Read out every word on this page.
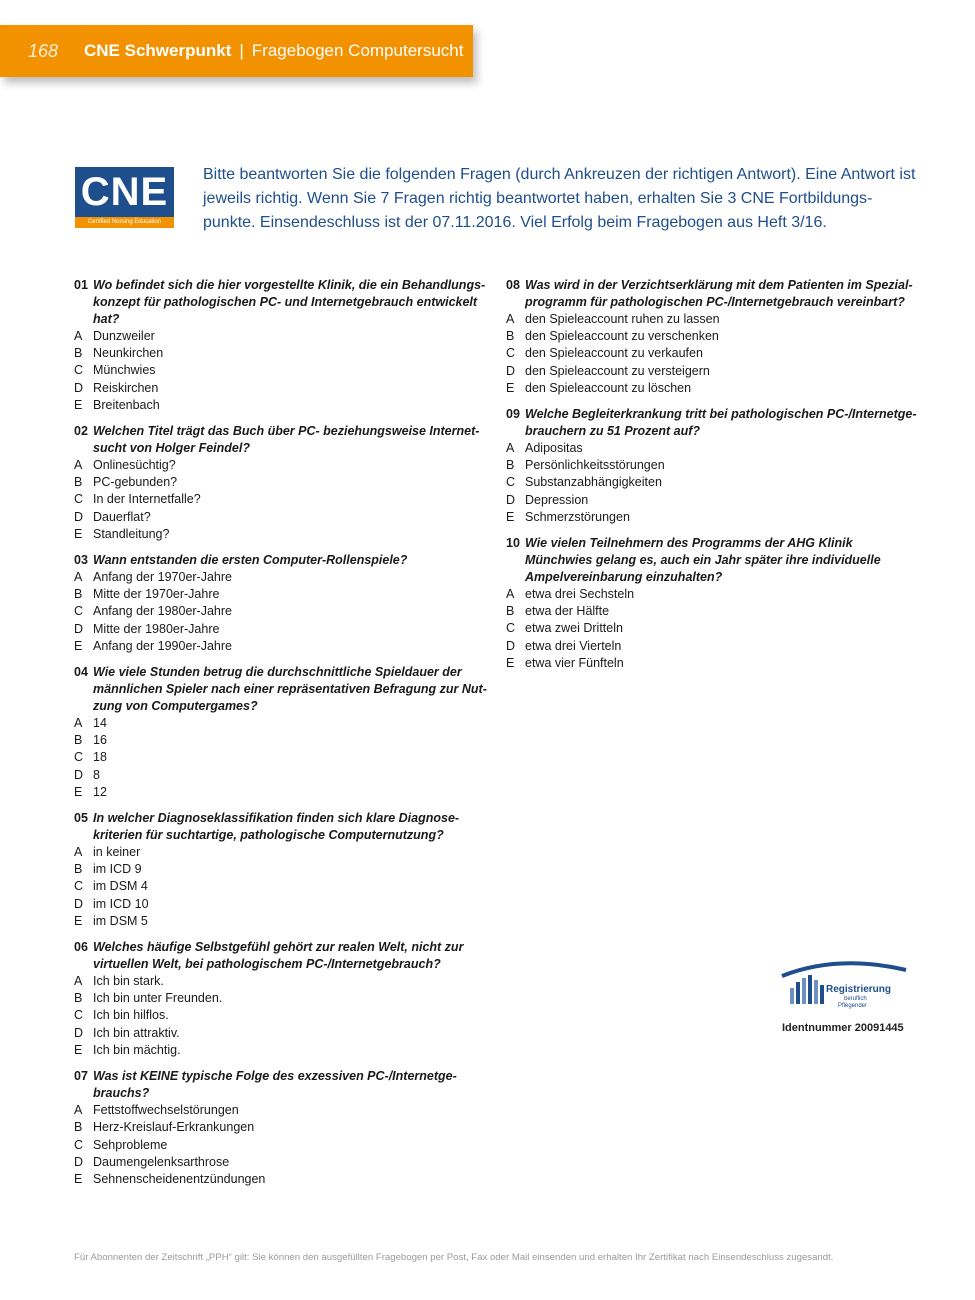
168	CNE Schwerpunkt | Fragebogen Computersucht
CNE
Certified Nursing Education
Bitte beantworten Sie die folgenden Fragen (durch Ankreuzen der richtigen Antwort). Eine Antwort ist jeweils richtig. Wenn Sie 7 Fragen richtig beantwortet haben, erhalten Sie 3 CNE Fortbildungspunkte. Einsendeschluss ist der 07.11.2016. Viel Erfolg beim Fragebogen aus Heft 3/16.
01 Wo befindet sich die hier vorgestellte Klinik, die ein Behandlungskonzept für pathologischen PC- und Internetgebrauch entwickelt hat?
A Dunzweiler
B Neunkirchen
C Münchwies
D Reiskirchen
E Breitenbach
02 Welchen Titel trägt das Buch über PC- beziehungsweise Internetsucht von Holger Feindel?
A Onlinesüchtig?
B PC-gebunden?
C In der Internetfalle?
D Dauerflat?
E Standleitung?
03 Wann entstanden die ersten Computer-Rollenspiele?
A Anfang der 1970er-Jahre
B Mitte der 1970er-Jahre
C Anfang der 1980er-Jahre
D Mitte der 1980er-Jahre
E Anfang der 1990er-Jahre
04 Wie viele Stunden betrug die durchschnittliche Spieldauer der männlichen Spieler nach einer repräsentativen Befragung zur Nutzung von Computergames?
A 14
B 16
C 18
D 8
E 12
05 In welcher Diagnoseklassifikation finden sich klare Diagnosekriterien für suchtartige, pathologische Computernutzung?
A in keiner
B im ICD 9
C im DSM 4
D im ICD 10
E im DSM 5
06 Welches häufige Selbstgefühl gehört zur realen Welt, nicht zur virtuellen Welt, bei pathologischem PC-/Internetgebrauch?
A Ich bin stark.
B Ich bin unter Freunden.
C Ich bin hilflos.
D Ich bin attraktiv.
E Ich bin mächtig.
07 Was ist KEINE typische Folge des exzessiven PC-/Internetgebrauchs?
A Fettstoffwechselstörungen
B Herz-Kreislauf-Erkrankungen
C Sehprobleme
D Daumengelenksarthrose
E Sehnenscheidenentzündungen
08 Was wird in der Verzichtserklärung mit dem Patienten im Spezialprogramm für pathologischen PC-/Internetgebrauch vereinbart?
A den Spieleaccount ruhen zu lassen
B den Spieleaccount zu verschenken
C den Spieleaccount zu verkaufen
D den Spieleaccount zu versteigern
E den Spieleaccount zu löschen
09 Welche Begleiterkrankung tritt bei pathologischen PC-/Internetgebrauchern zu 51 Prozent auf?
A Adipositas
B Persönlichkeitsstörungen
C Substanzabhängigkeiten
D Depression
E Schmerzstörungen
10 Wie vielen Teilnehmern des Programms der AHG Klinik Münchwies gelang es, auch ein Jahr später ihre individuelle Ampelvereinbarung einzuhalten?
A etwa drei Sechsteln
B etwa der Hälfte
C etwa zwei Dritteln
D etwa drei Vierteln
E etwa vier Fünfteln
Registrierung
beruflich
Pflegender
Identnummer 20091445
Für Abonnenten der Zeitschrift „PPH“ gilt: Sie können den ausgefüllten Fragebogen per Post, Fax oder Mail einsenden und erhalten Ihr Zertifikat nach Einsendeschluss zugesandt.
